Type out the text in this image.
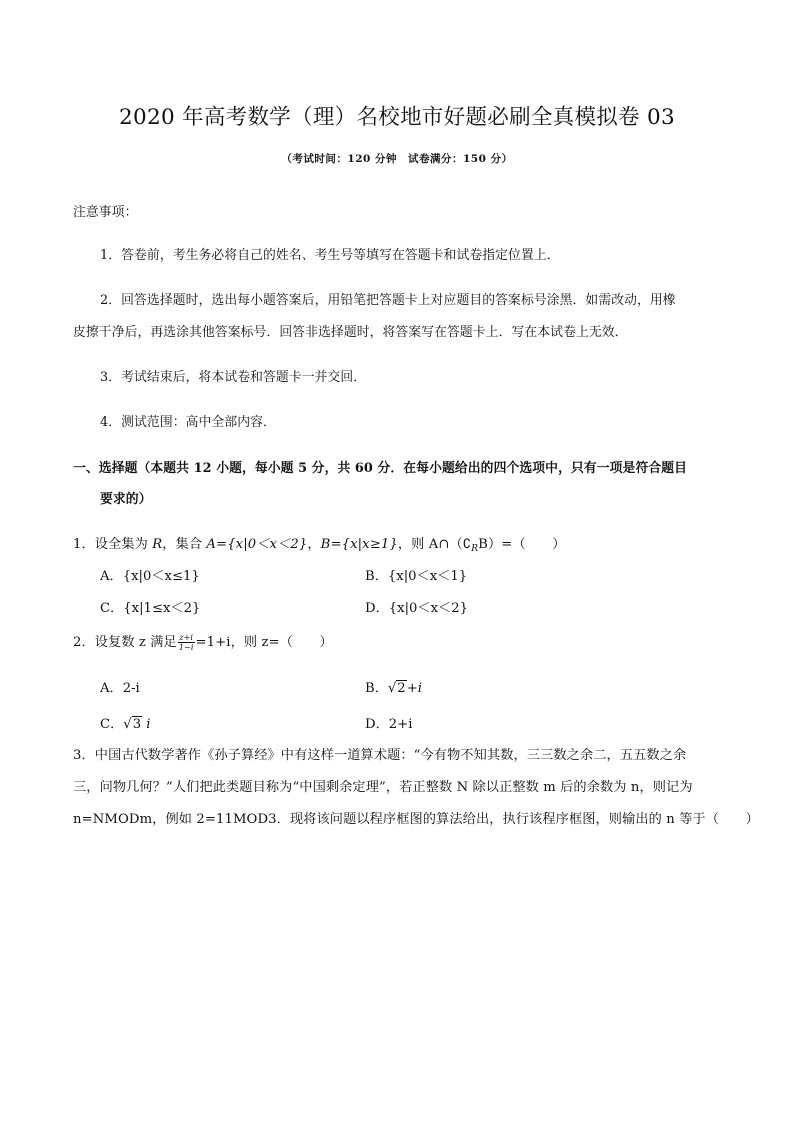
2020 年高考数学（理）名校地市好题必刷全真模拟卷 03
（考试时间：120 分钟　试卷满分：150 分）
注意事项：
1．答卷前，考生务必将自己的姓名、考生号等填写在答题卡和试卷指定位置上．
2．回答选择题时，选出每小题答案后，用铅笔把答题卡上对应题目的答案标号涂黑．如需改动，用橡
皮擦干净后，再选涂其他答案标号．回答非选择题时，将答案写在答题卡上．写在本试卷上无效．
3．考试结束后，将本试卷和答题卡一并交回．
4．测试范围：高中全部内容．
一、选择题（本题共 12 小题，每小题 5 分，共 60 分．在每小题给出的四个选项中，只有一项是符合题目
要求的）
1．设全集为 R，集合 A={x|0＜x＜2}，B={x|x≥1}，则 $A\cap(∁_RB)=$（　　）
A．{x|0＜x≤1}	B．{x|0＜x＜1}
C．{x|1≤x＜2}	D．{x|0＜x＜2}
2．设复数 z 满足 $\frac{z+i}{1-i} =1+i$，则 z=（　　）
A．2-i	B．√2+i
C．√3 i	D．2+i
3．中国古代数学著作《孙子算经》中有这样一道算术题：“今有物不知其数，三三数之余二，五五数之余
三，问物几何？”人们把此类题目称为“中国剩余定理”，若正整数 N 除以正整数 m 后的余数为 n，则记为
n=NMODm，例如 2=11MOD3．现将该问题以程序框图的算法给出，执行该程序框图，则输出的 n 等于（　　）
